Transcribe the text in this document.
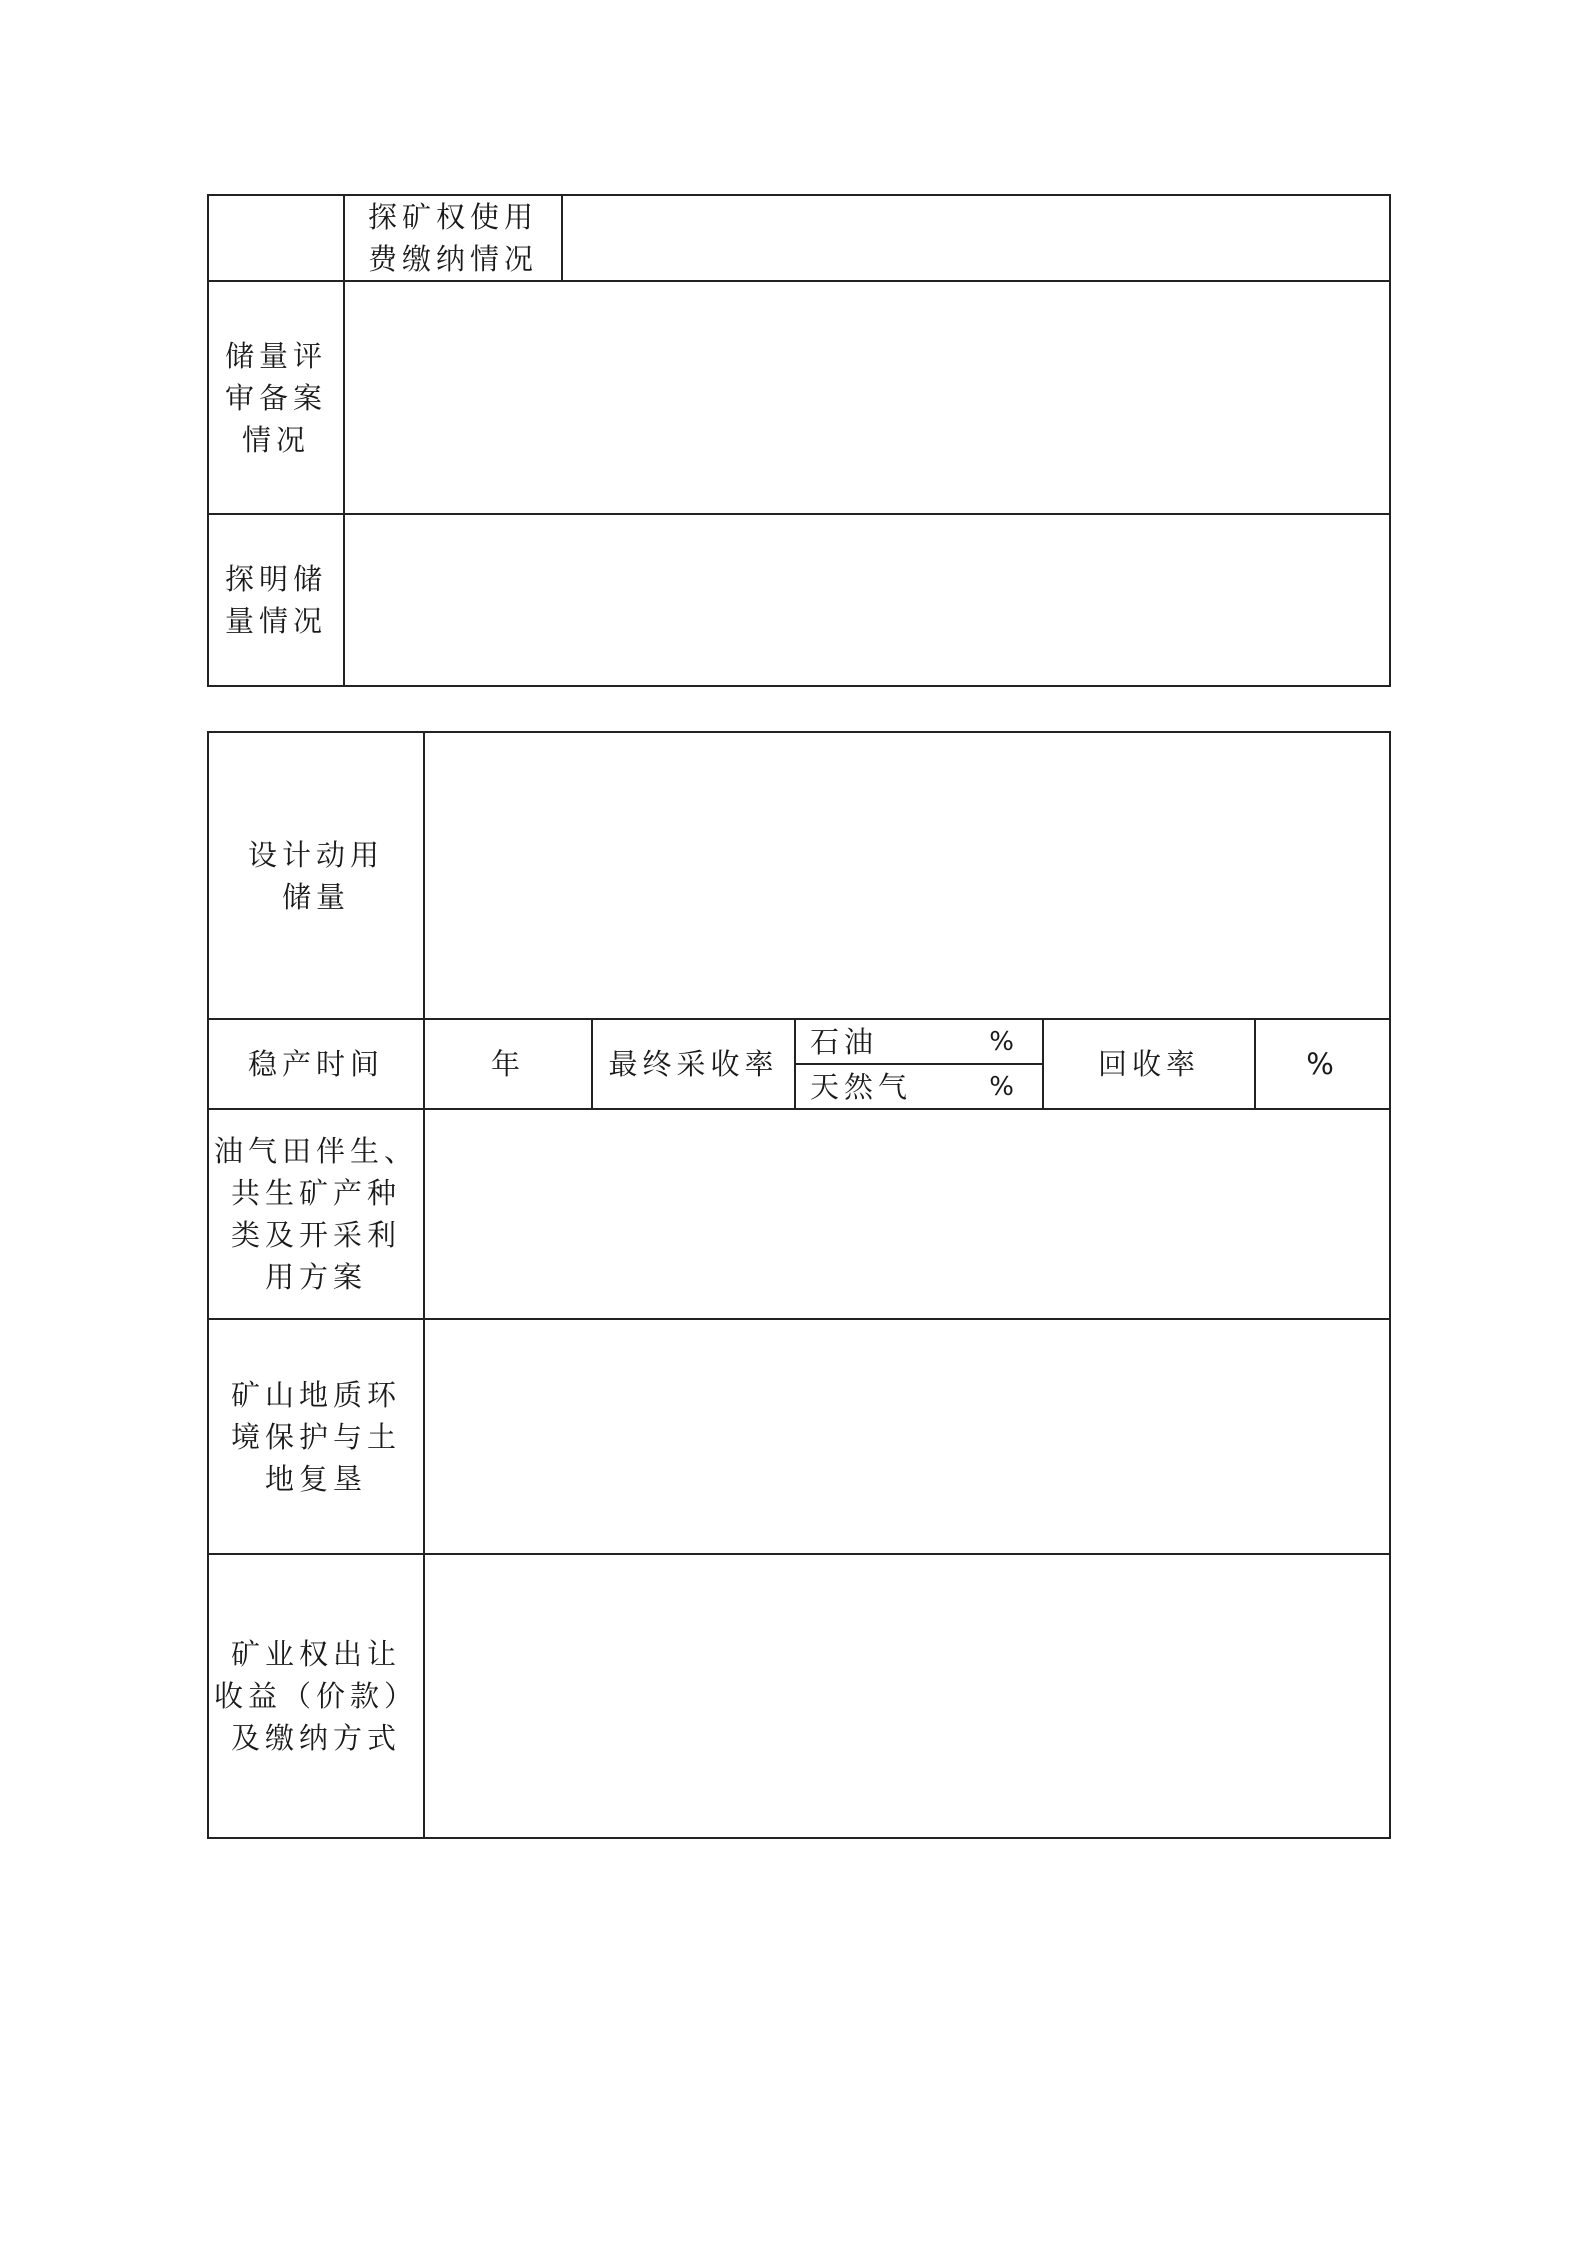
	探矿权使用
费缴纳情况	
储量评
审备案
情况		
探明储
量情况		
设计动用
储量					
稳产时间	年	最终采收率	石油 %	回收率	%

			天然气 %		

油气田伴生、
共生矿产种
类及开采利
用方案					
矿山地质环
境保护与土
地复垦					
矿业权出让
收益（价款）
及缴纳方式					
